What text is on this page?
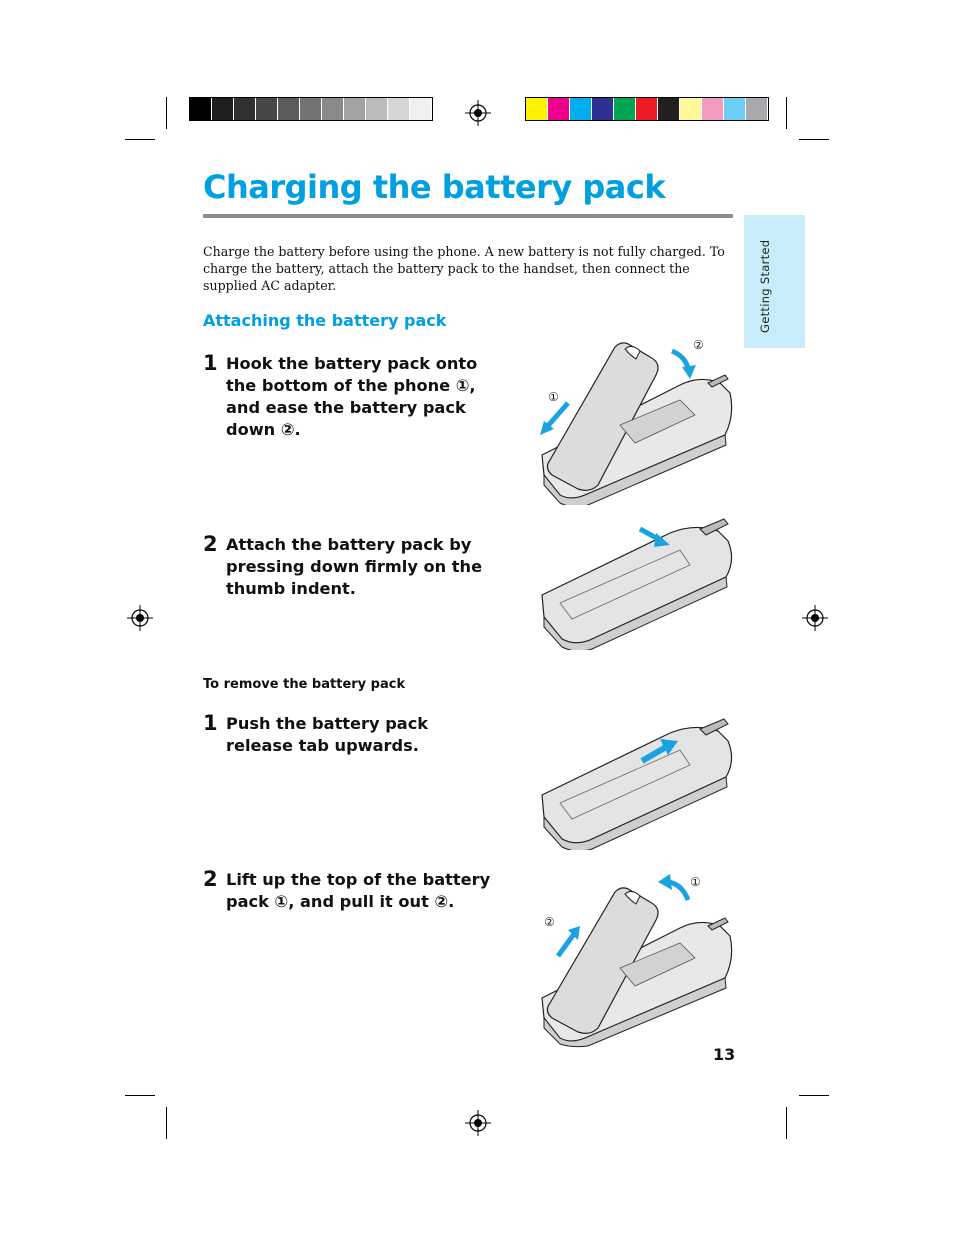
Charging the battery pack
Getting Started

Charge the battery before using the phone. A new battery is not fully charged. To charge the battery, attach the battery pack to the handset, then connect the supplied AC adapter.

Attaching the battery pack
1 Hook the battery pack onto the bottom of the phone ①, and ease the battery pack down ②.

2 Attach the battery pack by pressing down firmly on the thumb indent.

To remove the battery pack
1 Push the battery pack release tab upwards.

2 Lift up the top of the battery pack ①, and pull it out ②.

①
②
②
①

13
